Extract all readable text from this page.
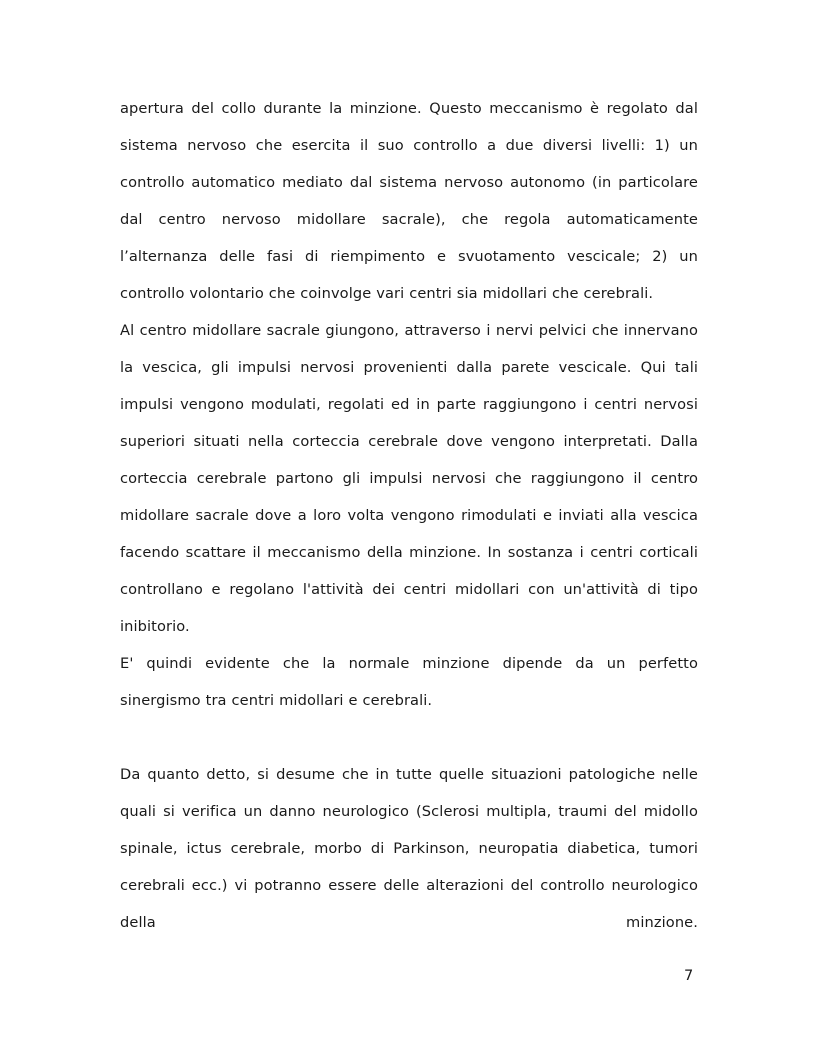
apertura del collo durante la minzione. Questo meccanismo è regolato dal sistema nervoso che esercita il suo controllo a due diversi livelli: 1) un controllo automatico mediato dal sistema nervoso autonomo (in particolare dal centro nervoso midollare sacrale), che regola automaticamente l’alternanza delle fasi di riempimento e svuotamento vescicale; 2) un controllo volontario che coinvolge vari centri sia midollari che cerebrali.

Al centro midollare sacrale giungono, attraverso i nervi pelvici che innervano la vescica, gli impulsi nervosi provenienti dalla parete vescicale. Qui tali impulsi vengono modulati, regolati ed in parte raggiungono i centri nervosi superiori situati nella corteccia cerebrale dove vengono interpretati. Dalla corteccia cerebrale partono gli impulsi nervosi che raggiungono il centro midollare sacrale dove a loro volta vengono rimodulati e inviati alla vescica facendo scattare il meccanismo della minzione. In sostanza i centri corticali controllano e regolano l'attività dei centri midollari con un'attività di tipo inibitorio.

E' quindi evidente che la normale minzione dipende da un perfetto sinergismo tra centri midollari e cerebrali.

Da quanto detto, si desume che in tutte quelle situazioni patologiche nelle quali si verifica un danno neurologico (Sclerosi multipla, traumi del midollo spinale, ictus cerebrale, morbo di Parkinson, neuropatia diabetica, tumori cerebrali ecc.) vi potranno essere delle alterazioni del controllo neurologico della minzione.

7
